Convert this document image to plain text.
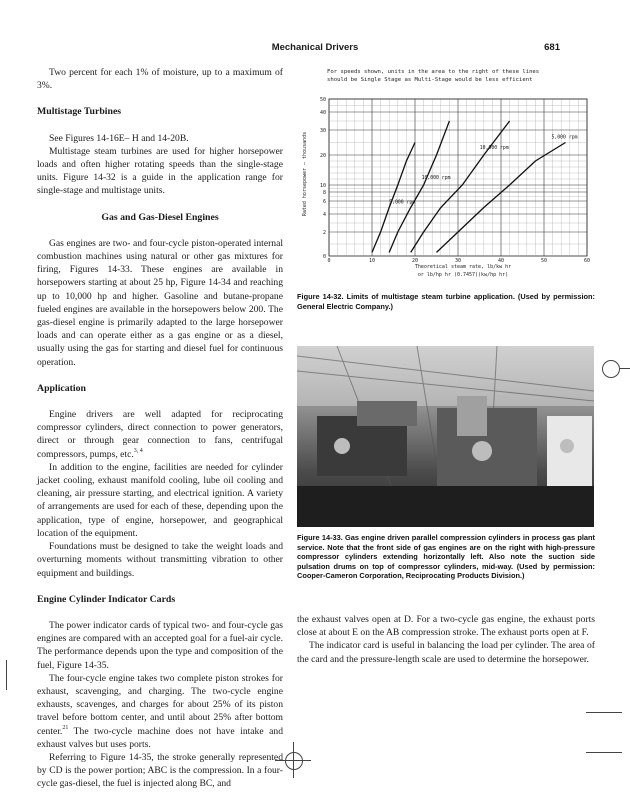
Mechanical Drivers	681

Two percent for each 1% of moisture, up to a maximum of 3%.

Multistage Turbines

See Figures 14-16E– H and 14-20B.

Multistage steam turbines are used for higher horsepower loads and often higher rotating speeds than the single-stage units. Figure 14-32 is a guide in the application range for single-stage and multistage units.

Gas and Gas-Diesel Engines

Gas engines are two- and four-cycle piston-operated internal combustion machines using natural or other gas mixtures for firing, Figures 14-33. These engines are available in horsepowers starting at about 25 hp, Figure 14-34 and reaching up to 10,000 hp and higher. Gasoline and butane-propane fueled engines are available in the horsepowers below 200. The gas-diesel engine is primarily adapted to the large horsepower loads and can operate either as a gas engine or as a diesel, usually using the gas for starting and diesel fuel for continuous operation.

Application

Engine drivers are well adapted for reciprocating compressor cylinders, direct connection to power generators, direct or through gear connection to fans, centrifugal compressors, pumps, etc.$^{3, 4}$

In addition to the engine, facilities are needed for cylinder jacket cooling, exhaust manifold cooling, lube oil cooling and cleaning, air pressure starting, and electrical ignition. A variety of arrangements are used for each of these, depending upon the application, type of engine, horsepower, and geographical location of the equipment.

Foundations must be designed to take the weight loads and overturning moments without transmitting vibration to other equipment and buildings.

Engine Cylinder Indicator Cards

The power indicator cards of typical two- and four-cycle gas engines are compared with an accepted goal for a fuel-air cycle. The performance depends upon the type and composition of the fuel, Figure 14-35.

The four-cycle engine takes two complete piston strokes for exhaust, scavenging, and charging. The two-cycle engine exhausts, scavenges, and charges for about 25% of its piston travel before bottom center, and until about 25% after bottom center.$^{21}$ The two-cycle machine does not have intake and exhaust valves but uses ports.

Referring to Figure 14-35, the stroke generally represented by CD is the power portion; ABC is the compression. In a four-cycle gas-diesel, the fuel is injected along BC, and

For speeds shown, units in the area to the right of these lines
should be Single Stage as Multi-Stage would be less efficient
0	10	20	30	40	50	60
0
2
4
6
8
10
20
30
40
50
5,000 rpm
10,000 rpm
10,000 rpm
5,000 rpm
Rated horsepower — thousands
Theoretical steam rate, lb/kw hr
or lb/hp hr (0.7457)(kw/hp hr)
Figure 14-32. Limits of multistage steam turbine application. (Used by permission: General Electric Company.)
Figure 14-33. Gas engine driven parallel compression cylinders in process gas plant service. Note that the front side of gas engines are on the right with high-pressure compressor cylinders extending horizontally left. Also note the suction side pulsation drums on top of compressor cylinders, mid-way. (Used by permission: Cooper-Cameron Corporation, Reciprocating Products Division.)

the exhaust valves open at D. For a two-cycle gas engine, the exhaust ports close at about E on the AB compression stroke. The exhaust ports open at F.

The indicator card is useful in balancing the load per cylinder. The area of the card and the pressure-length scale are used to determine the horsepower.
